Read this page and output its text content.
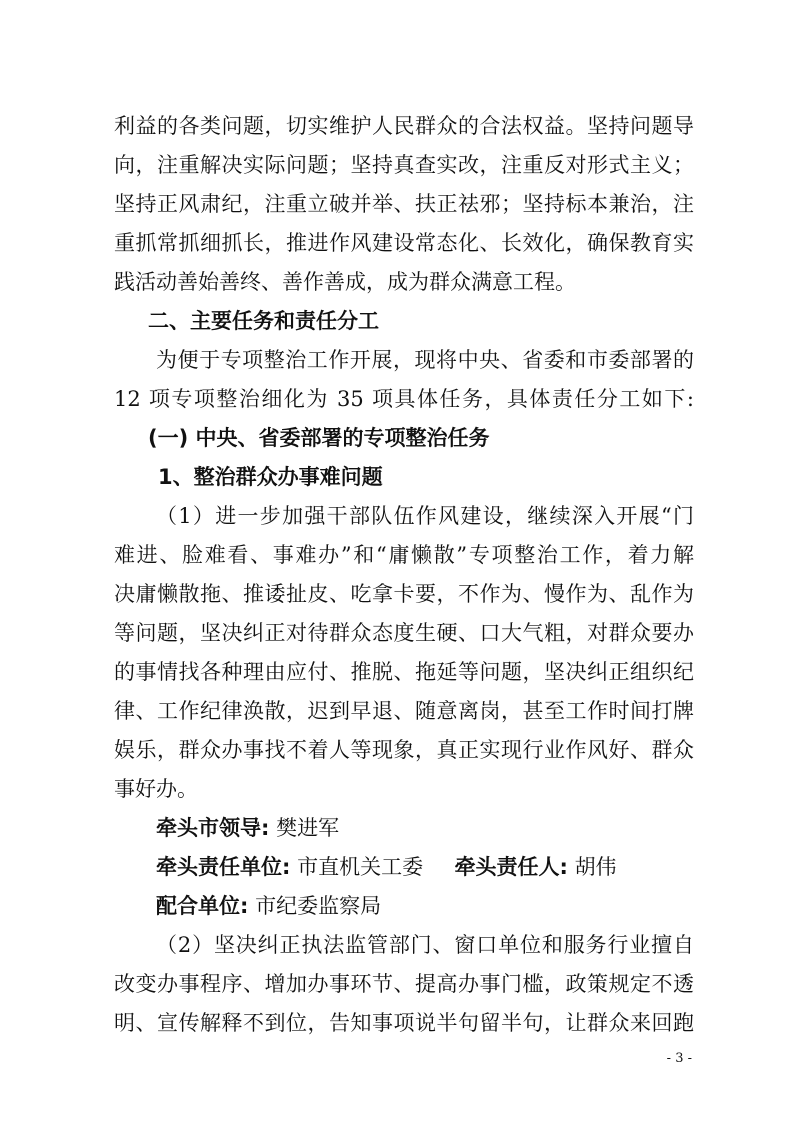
利益的各类问题，切实维护人民群众的合法权益。坚持问题导
向，注重解决实际问题；坚持真查实改，注重反对形式主义；
坚持正风肃纪，注重立破并举、扶正祛邪；坚持标本兼治，注
重抓常抓细抓长，推进作风建设常态化、长效化，确保教育实
践活动善始善终、善作善成，成为群众满意工程。
二、主要任务和责任分工
为便于专项整治工作开展，现将中央、省委和市委部署的
12 项专项整治细化为 35 项具体任务，具体责任分工如下:
(一) 中央、省委部署的专项整治任务
1、整治群众办事难问题
（1）进一步加强干部队伍作风建设，继续深入开展“门
难进、脸难看、事难办”和“庸懒散”专项整治工作，着力解
决庸懒散拖、推诿扯皮、吃拿卡要，不作为、慢作为、乱作为
等问题，坚决纠正对待群众态度生硬、口大气粗，对群众要办
的事情找各种理由应付、推脱、拖延等问题，坚决纠正组织纪
律、工作纪律涣散，迟到早退、随意离岗，甚至工作时间打牌
娱乐，群众办事找不着人等现象，真正实现行业作风好、群众
事好办。
牵头市领导: 樊进军
牵头责任单位: 市直机关工委 牵头责任人: 胡伟
配合单位: 市纪委监察局
（2）坚决纠正执法监管部门、窗口单位和服务行业擅自
改变办事程序、增加办事环节、提高办事门槛，政策规定不透
明、宣传解释不到位，告知事项说半句留半句，让群众来回跑
- 3 -
